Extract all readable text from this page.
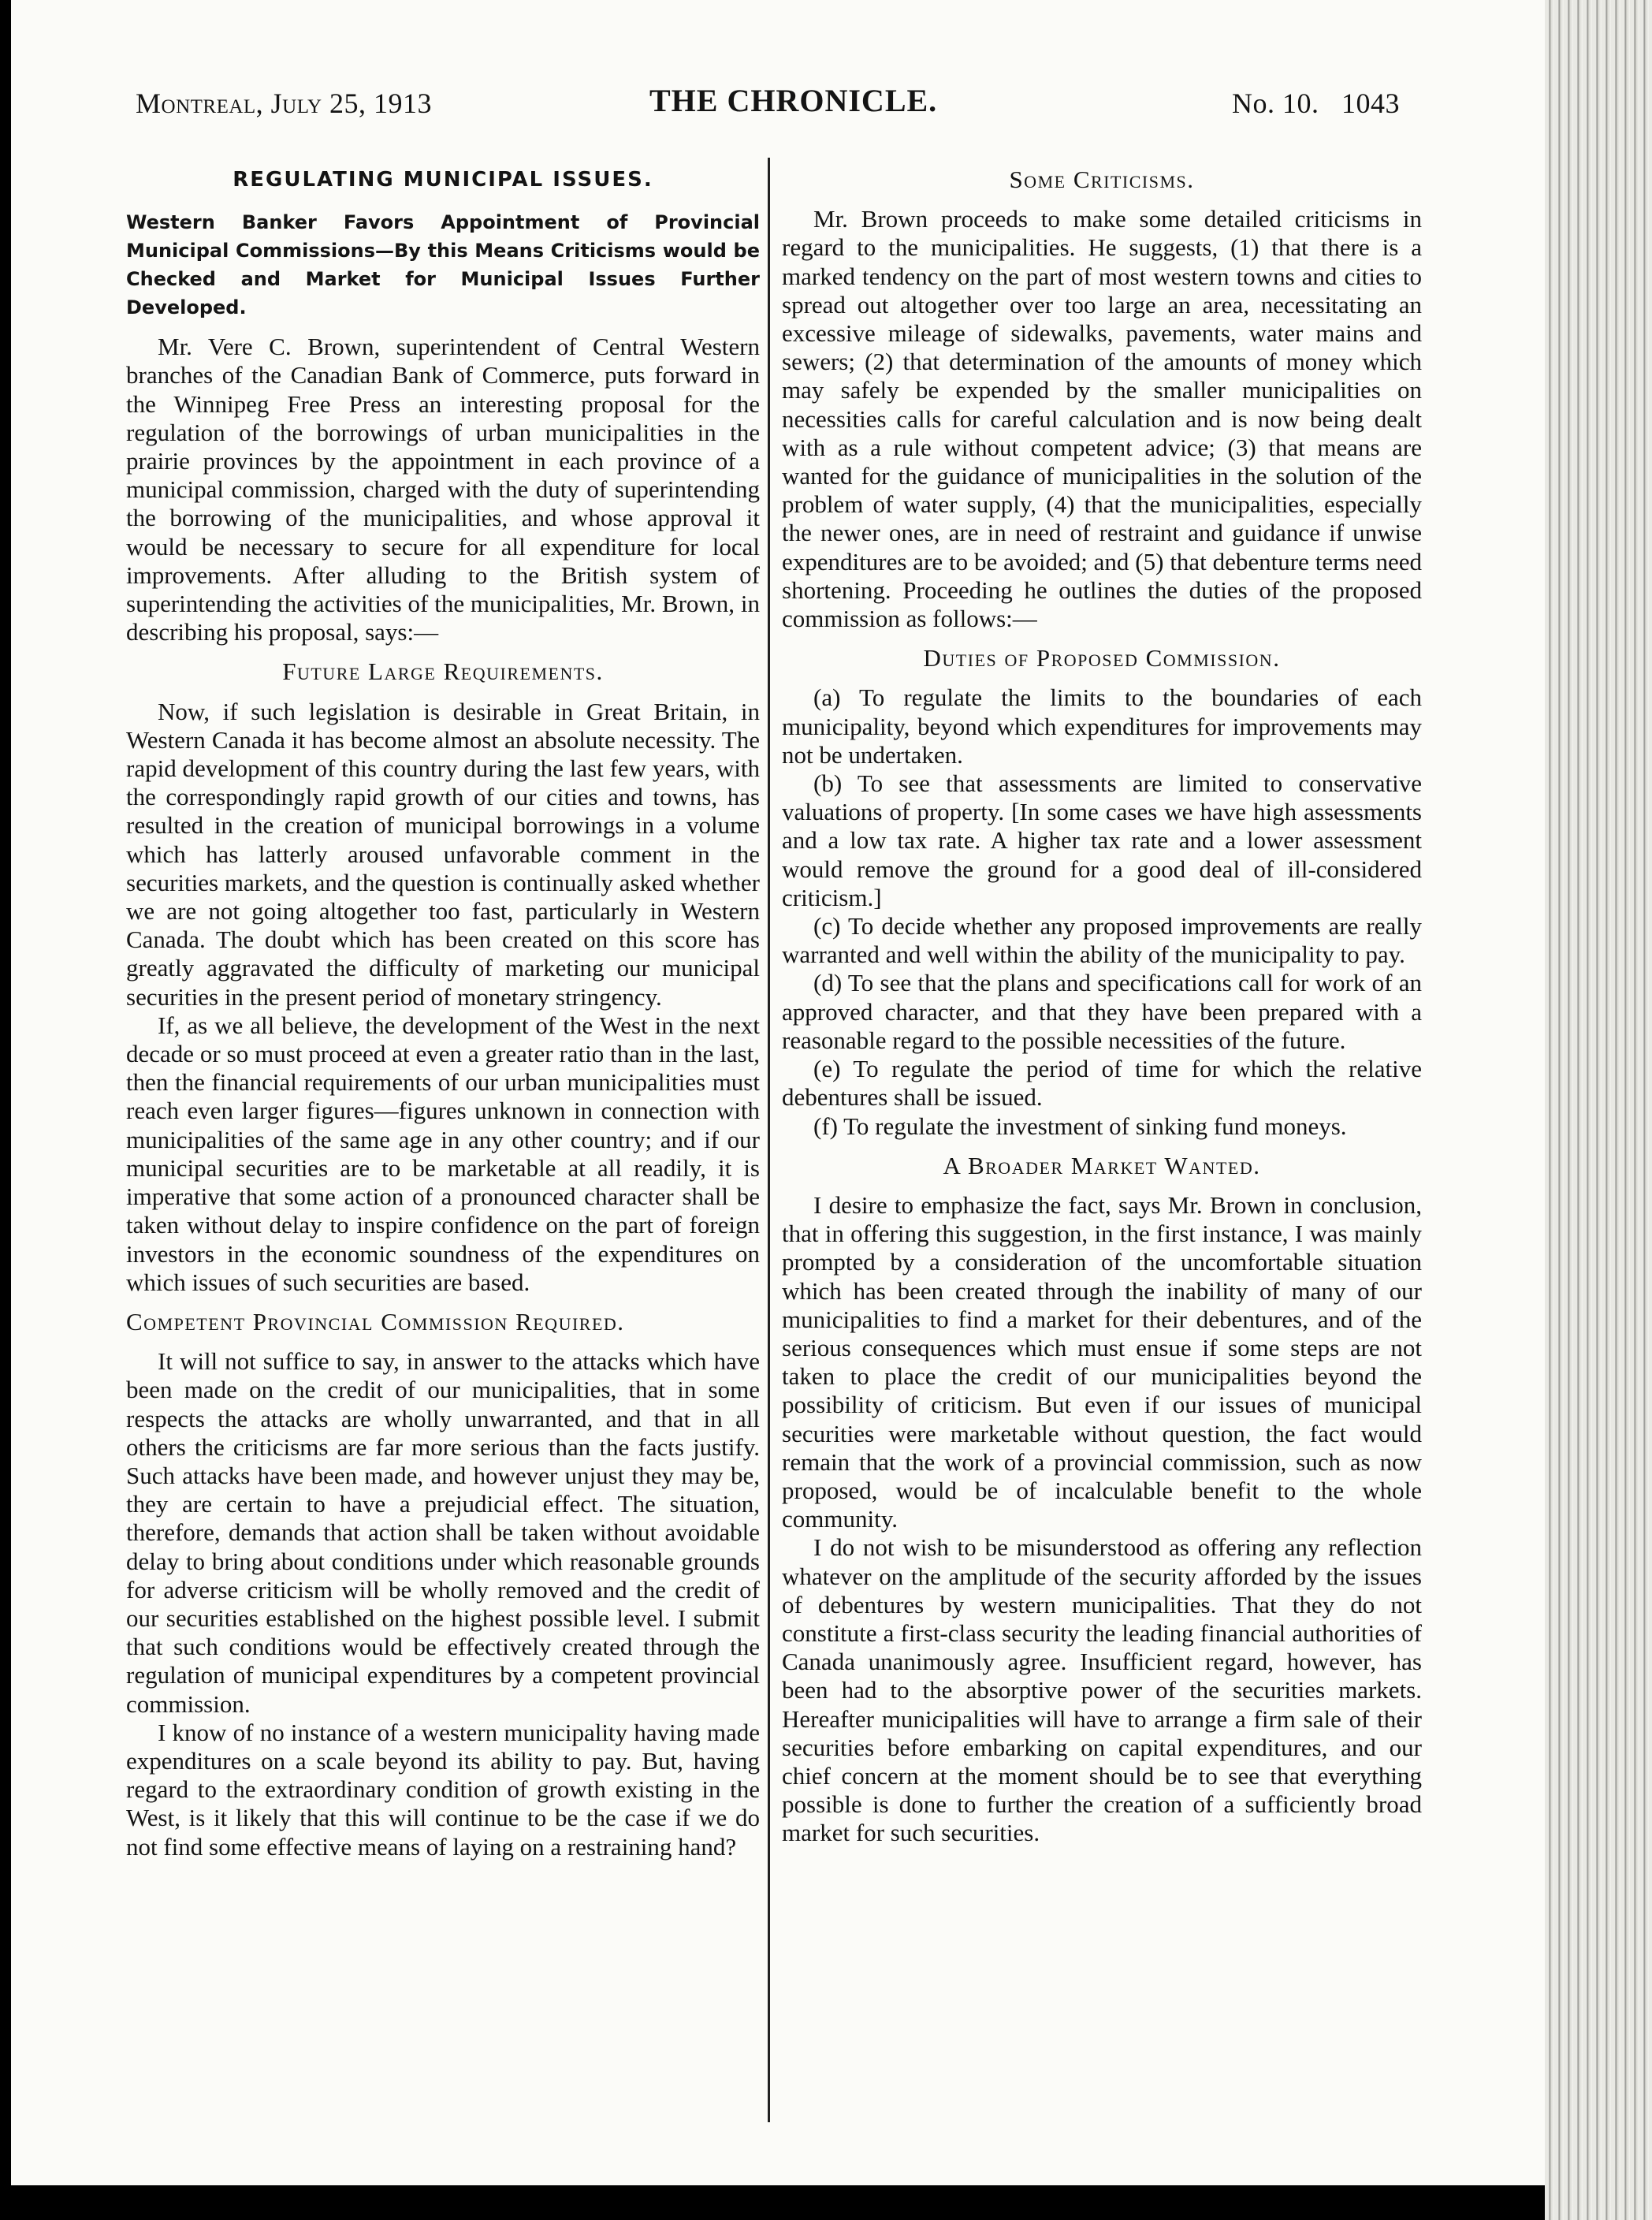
Montreal, July 25, 1913	THE CHRONICLE.	No. 10.   1043
REGULATING MUNICIPAL ISSUES.
Western Banker Favors Appointment of Provincial Municipal Commissions—By this Means Criticisms would be Checked and Market for Municipal Issues Further Developed.

Mr. Vere C. Brown, superintendent of Central Western branches of the Canadian Bank of Commerce, puts forward in the Winnipeg Free Press an interesting proposal for the regulation of the borrowings of urban municipalities in the prairie provinces by the appointment in each province of a municipal commission, charged with the duty of superintending the borrowing of the municipalities, and whose approval it would be necessary to secure for all expenditure for local improvements. After alluding to the British system of superintending the activities of the municipalities, Mr. Brown, in describing his proposal, says:—

Future Large Requirements.

Now, if such legislation is desirable in Great Britain, in Western Canada it has become almost an absolute necessity. The rapid development of this country during the last few years, with the correspondingly rapid growth of our cities and towns, has resulted in the creation of municipal borrowings in a volume which has latterly aroused unfavorable comment in the securities markets, and the question is continually asked whether we are not going altogether too fast, particularly in Western Canada. The doubt which has been created on this score has greatly aggravated the difficulty of marketing our municipal securities in the present period of monetary stringency.

If, as we all believe, the development of the West in the next decade or so must proceed at even a greater ratio than in the last, then the financial requirements of our urban municipalities must reach even larger figures—figures unknown in connection with municipalities of the same age in any other country; and if our municipal securities are to be marketable at all readily, it is imperative that some action of a pronounced character shall be taken without delay to inspire confidence on the part of foreign investors in the economic soundness of the expenditures on which issues of such securities are based.

Competent Provincial Commission Required.

It will not suffice to say, in answer to the attacks which have been made on the credit of our municipalities, that in some respects the attacks are wholly unwarranted, and that in all others the criticisms are far more serious than the facts justify. Such attacks have been made, and however unjust they may be, they are certain to have a prejudicial effect. The situation, therefore, demands that action shall be taken without avoidable delay to bring about conditions under which reasonable grounds for adverse criticism will be wholly removed and the credit of our securities established on the highest possible level. I submit that such conditions would be effectively created through the regulation of municipal expenditures by a competent provincial commission.

I know of no instance of a western municipality having made expenditures on a scale beyond its ability to pay. But, having regard to the extraordinary condition of growth existing in the West, is it likely that this will continue to be the case if we do not find some effective means of laying on a restraining hand?

Some Criticisms.

Mr. Brown proceeds to make some detailed criticisms in regard to the municipalities. He suggests, (1) that there is a marked tendency on the part of most western towns and cities to spread out altogether over too large an area, necessitating an excessive mileage of sidewalks, pavements, water mains and sewers; (2) that determination of the amounts of money which may safely be expended by the smaller municipalities on necessities calls for careful calculation and is now being dealt with as a rule without competent advice; (3) that means are wanted for the guidance of municipalities in the solution of the problem of water supply, (4) that the municipalities, especially the newer ones, are in need of restraint and guidance if unwise expenditures are to be avoided; and (5) that debenture terms need shortening. Proceeding he outlines the duties of the proposed commission as follows:—

Duties of Proposed Commission.

(a) To regulate the limits to the boundaries of each municipality, beyond which expenditures for improvements may not be undertaken.

(b) To see that assessments are limited to conservative valuations of property. [In some cases we have high assessments and a low tax rate. A higher tax rate and a lower assessment would remove the ground for a good deal of ill-considered criticism.]

(c) To decide whether any proposed improvements are really warranted and well within the ability of the municipality to pay.

(d) To see that the plans and specifications call for work of an approved character, and that they have been prepared with a reasonable regard to the possible necessities of the future.

(e) To regulate the period of time for which the relative debentures shall be issued.

(f) To regulate the investment of sinking fund moneys.

A Broader Market Wanted.

I desire to emphasize the fact, says Mr. Brown in conclusion, that in offering this suggestion, in the first instance, I was mainly prompted by a consideration of the uncomfortable situation which has been created through the inability of many of our municipalities to find a market for their debentures, and of the serious consequences which must ensue if some steps are not taken to place the credit of our municipalities beyond the possibility of criticism. But even if our issues of municipal securities were marketable without question, the fact would remain that the work of a provincial commission, such as now proposed, would be of incalculable benefit to the whole community.

I do not wish to be misunderstood as offering any reflection whatever on the amplitude of the security afforded by the issues of debentures by western municipalities. That they do not constitute a first-class security the leading financial authorities of Canada unanimously agree. Insufficient regard, however, has been had to the absorptive power of the securities markets. Hereafter municipalities will have to arrange a firm sale of their securities before embarking on capital expenditures, and our chief concern at the moment should be to see that everything possible is done to further the creation of a sufficiently broad market for such securities.
